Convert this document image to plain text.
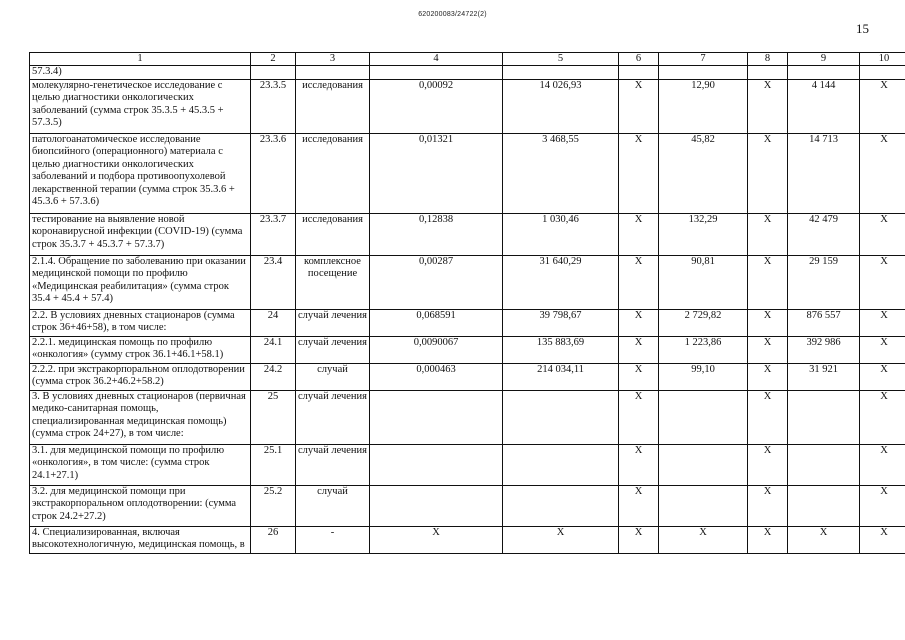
620200083/24722(2)
15
1	2	3	4	5	6	7	8	9	10
57.3.4)									
молекулярно-генетическое исследование с целью диагностики онкологических заболеваний (сумма строк 35.3.5 + 45.3.5 + 57.3.5)	23.3.5	исследования	0,00092	14 026,93	X	12,90	X	4 144	X
патологоанатомическое исследование биопсийного (операционного) материала с целью диагностики онкологических заболеваний и подбора противоопухолевой лекарственной терапии (сумма строк 35.3.6 + 45.3.6 + 57.3.6)	23.3.6	исследования	0,01321	3 468,55	X	45,82	X	14 713	X
тестирование на выявление новой коронавирусной инфекции (COVID-19) (сумма строк 35.3.7 + 45.3.7 + 57.3.7)	23.3.7	исследования	0,12838	1 030,46	X	132,29	X	42 479	X
2.1.4. Обращение по заболеванию при оказании медицинской помощи по профилю «Медицинская реабилитация» (сумма строк 35.4 + 45.4 + 57.4)	23.4	комплексное посещение	0,00287	31 640,29	X	90,81	X	29 159	X
2.2. В условиях дневных стационаров (сумма строк 36+46+58), в том числе:	24	случай лечения	0,068591	39 798,67	X	2 729,82	X	876 557	X
2.2.1. медицинская помощь по профилю «онкология» (сумму строк 36.1+46.1+58.1)	24.1	случай лечения	0,0090067	135 883,69	X	1 223,86	X	392 986	X
2.2.2. при экстракорпоральном оплодотворении (сумма строк 36.2+46.2+58.2)	24.2	случай	0,000463	214 034,11	X	99,10	X	31 921	X
3. В условиях дневных стационаров (первичная медико-санитарная помощь, специализированная медицинская помощь) (сумма строк 24+27), в том числе:	25	случай лечения			X		X		X
3.1. для медицинской помощи по профилю «онкология», в том числе: (сумма строк 24.1+27.1)	25.1	случай лечения			X		X		X
3.2. для медицинской помощи при экстракорпоральном оплодотворении: (сумма строк 24.2+27.2)	25.2	случай			X		X		X
4. Специализированная, включая высокотехнологичную, медицинская помощь, в	26	-	X	X	X	X	X	X	X
